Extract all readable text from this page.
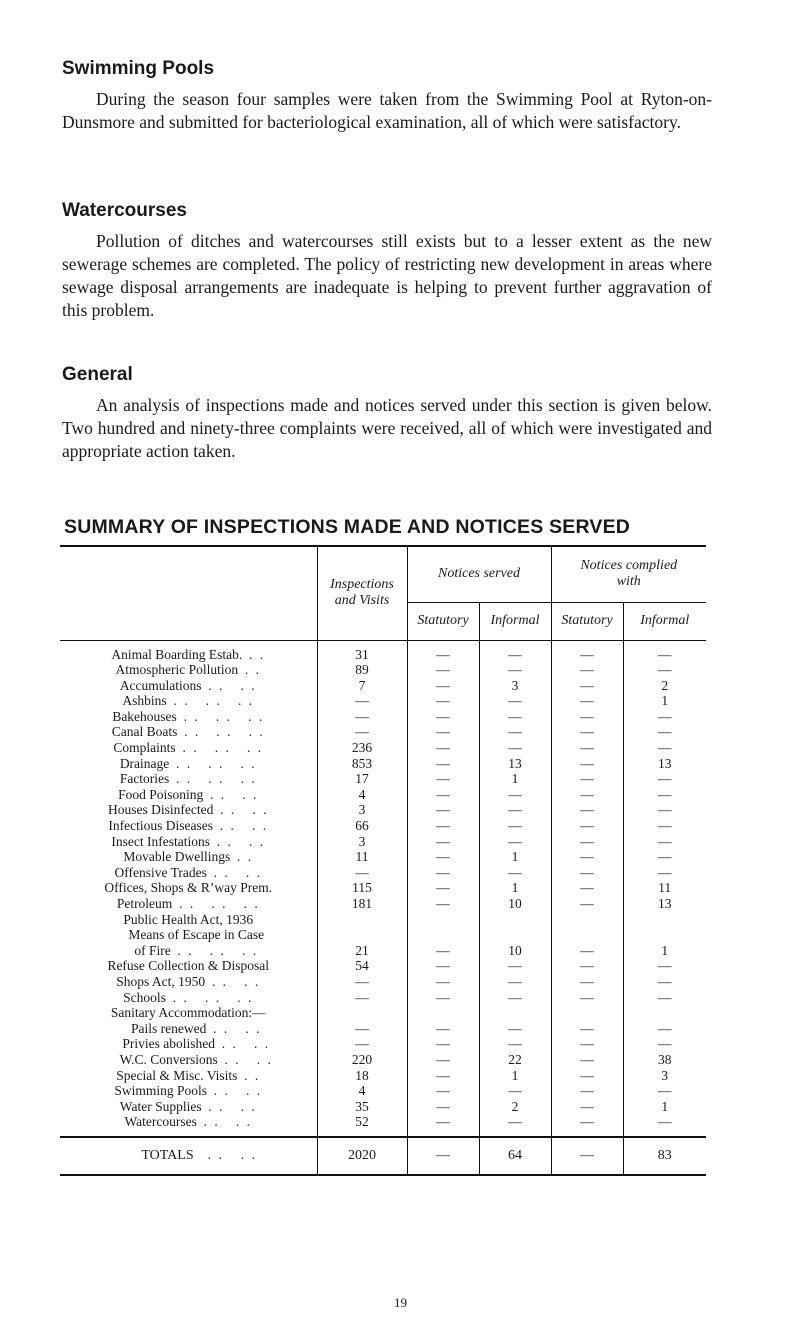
Swimming Pools

During the season four samples were taken from the Swimming Pool at Ryton-on-Dunsmore and submitted for bacteriological examination, all of which were satisfactory.

Watercourses

Pollution of ditches and watercourses still exists but to a lesser extent as the new sewerage schemes are completed. The policy of restricting new development in areas where sewage disposal arrangements are inadequate is helping to prevent further aggravation of this problem.

General

An analysis of inspections made and notices served under this section is given below. Two hundred and ninety-three complaints were received, all of which were investigated and appropriate action taken.

SUMMARY OF INSPECTIONS MADE AND NOTICES SERVED
	Inspections and Visits	Notices served		Notices complied with	
		Statutory	Informal	Statutory	Informal
Animal Boarding Estab. . .	31	—	—	—	—
Atmospheric Pollution . .	89	—	—	—	—
Accumulations . .   . .	7	—	3	—	2
Ashbins . .   . .   . .	—	—	—	—	1
Bakehouses . .   . .   . .	—	—	—	—	—
Canal Boats . .   . .   . .	—	—	—	—	—
Complaints . .   . .   . .	236	—	—	—	—
Drainage . .   . .   . .	853	—	13	—	13
Factories . .   . .   . .	17	—	1	—	—
Food Poisoning . .   . .	4	—	—	—	—
Houses Disinfected . .   . .	3	—	—	—	—
Infectious Diseases . .   . .	66	—	—	—	—
Insect Infestations . .   . .	3	—	—	—	—
Movable Dwellings . .	11	—	1	—	—
Offensive Trades . .   . .	—	—	—	—	—
Offices, Shops & R’way Prem.	115	—	1	—	11
Petroleum . .   . .   . .	181	—	10	—	13
Public Health Act, 1936					
Means of Escape in Case					
of Fire . .   . .   . .	21	—	10	—	1
Refuse Collection & Disposal	54	—	—	—	—
Shops Act, 1950 . .   . .	—	—	—	—	—
Schools . .   . .   . .	—	—	—	—	—
Sanitary Accommodation:—					
Pails renewed . .   . .	—	—	—	—	—
Privies abolished . .   . .	—	—	—	—	—
W.C. Conversions . .   . .	220	—	22	—	38
Special & Misc. Visits . .	18	—	1	—	3
Swimming Pools . .   . .	4	—	—	—	—
Water Supplies . .   . .	35	—	2	—	1
Watercourses . .   . .	52	—	—	—	—
TOTALS . .   . .	2020	—	64	—	83
19
